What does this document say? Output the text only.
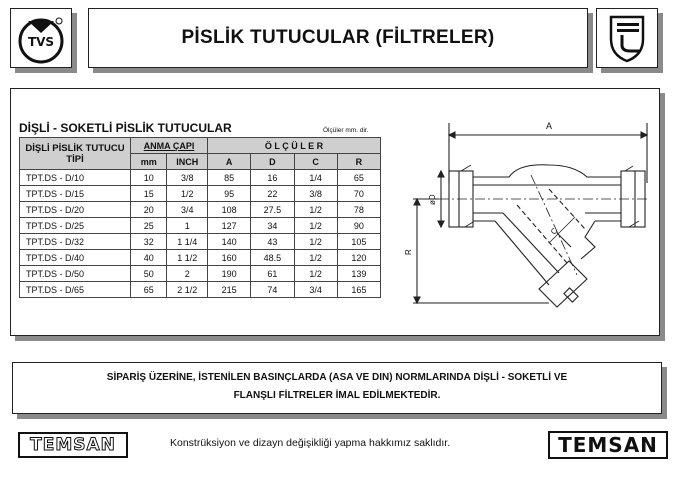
TVS	PİSLİK TUTUCULAR (FİLTRELER)
DİŞLİ - SOKETLİ PİSLİK TUTUCULAR	Ölçüler mm. dir.
DİŞLİ PİSLİK TUTUCU TİPİ	ANMA ÇAPI		Ö L Ç Ü L E R			
	mm	INCH	A	D	C	R
TPT.DS - D/10	10	3/8	85	16	1/4	65
TPT.DS - D/15	15	1/2	95	22	3/8	70
TPT.DS - D/20	20	3/4	108	27.5	1/2	78
TPT.DS - D/25	25	1	127	34	1/2	90
TPT.DS - D/32	32	1 1/4	140	43	1/2	105
TPT.DS - D/40	40	1 1/2	160	48.5	1/2	120
TPT.DS - D/50	50	2	190	61	1/2	139
TPT.DS - D/65	65	2 1/2	215	74	3/4	165
A
øD
R
C
SİPARİŞ ÜZERİNE, İSTENİLEN BASINÇLARDA (ASA VE DIN) NORMLARINDA DİŞLİ - SOKETLİ VE
FLANŞLI FİLTRELER İMAL EDİLMEKTEDİR.
TEMSAN	Konstrüksiyon ve dizayn değişikliği yapma hakkımız saklıdır.	TEMSAN
